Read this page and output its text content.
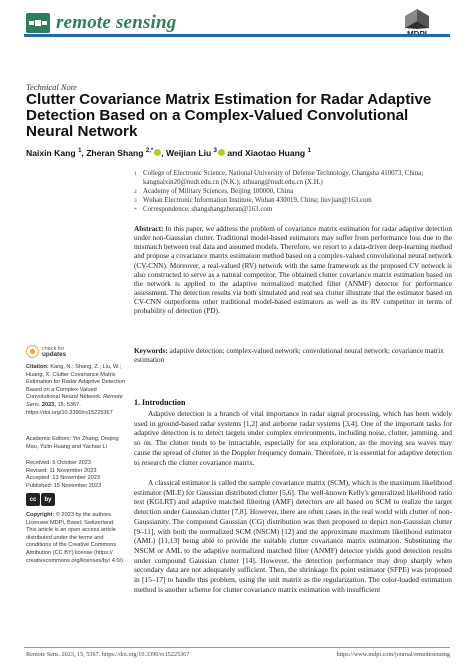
remote sensing
Technical Note
Clutter Covariance Matrix Estimation for Radar Adaptive Detection Based on a Complex-Valued Convolutional Neural Network
Naixin Kang $^1$, Zheran Shang $^{2,*}$ , Weijian Liu $^3$ and Xiaotao Huang $^1$
1 College of Electronic Science, National University of Defense Technology, Changsha 410073, China; kangnaixin20@nudt.edu.cn (N.K.); xthuang@nudt.edu.cn (X.H.)
2 Academy of Military Sciences, Beijing 100000, China
3 Wuhan Electronic Information Institute, Wuhan 430019, China; liuvjian@163.com
* Correspondence: shangshangzheran@163.com
Abstract: In this paper, we address the problem of covariance matrix estimation for radar adaptive detection under non-Gaussian clutter. Traditional model-based estimators may suffer from performance loss due to the mismatch between real data and assumed models. Therefore, we resort to a data-driven deep-learning method and propose a covariance matrix estimation method based on a complex-valued convolutional neural network (CV-CNN). Moreover, a real-valued (RV) network with the same framework as the proposed CV network is also constructed to serve as a natural competitor. The obtained clutter covariance matrix estimation based on the network is applied to the adaptive normalized matched filter (ANMF) detector for performance assessment. The detection results via both simulated and real sea clutter illustrate that the estimator based on CV-CNN outperforms other traditional model-based estimators as well as its RV competitor in terms of probability of detection (PD).
Keywords: adaptive detection; complex-valued network; convolutional neural network; covariance matrix estimation
check for
updates
Citation: Kang, N.; Shang, Z.; Liu, W.; Huang, X. Clutter Covariance Matrix Estimation for Radar Adaptive Detection Based on a Complex-Valued Convolutional Neural Network. Remote Sens. 2023, 15, 5367. https://doi.org/10.3390/rs15225367
Academic Editors: Yin Zhang, Deqing Mao, Yulin Huang and Yachao Li
Received: 6 October 2023
Revised: 11 November 2023
Accepted: 13 November 2023
Published: 15 November 2023
cc	by
Copyright: © 2023 by the authors. Licensee MDPI, Basel, Switzerland. This article is an open access article distributed under the terms and conditions of the Creative Commons Attribution (CC BY) license (https:// creativecommons.org/licenses/by/ 4.0/).
1. Introduction
Adaptive detection is a branch of vital importance in radar signal processing, which has been widely used in ground-based radar systems [1,2] and airborne radar systems [3,4]. One of the important tasks for adaptive detection is to detect targets under complex environments, including noise, clutter, jamming, and so on. The clutter tends to be intractable, especially for sea exploration, as the moving sea waves may cause the spread of clutter in the Doppler frequency domain. Therefore, it is essential for adaptive detection to research the clutter covariance matrix.
A classical estimator is called the sample covariance matrix (SCM), which is the maximum likelihood estimator (MLE) for Gaussian distributed clutter [5,6]. The well-known Kelly's generalized likelihood ratio test (KGLRT) and adaptive matched filtering (AMF) detectors are all based on SCM to realize the target detection under Gaussian clutter [7,8]. However, there are often cases in the real world with clutter of non-Gaussianity. The compound Gaussian (CG) distribution was then proposed to depict non-Gaussian clutter [9–11], with both the normalized SCM (NSCM) [12] and the approximate maximum likelihood estimator (AML) [11,13] being able to provide the suitable clutter covariance matrix estimation. Substituting the NSCM or AML to the adaptive normalized matched filter (ANMF) detector yields good detection results under compound Gaussian clutter [14]. However, the detection performance may drop sharply when secondary data are not adequately sufficient. Then, the shrinkage fix point estimator (SFPE) was proposed in [15–17] to handle this problem, using the unit matrix as the regularization. The color-loaded estimation method is another scheme for clutter covariance matrix estimation with insufficient
Remote Sens. 2023, 15, 5367. https://doi.org/10.3390/rs15225367	https://www.mdpi.com/journal/remotesensing
